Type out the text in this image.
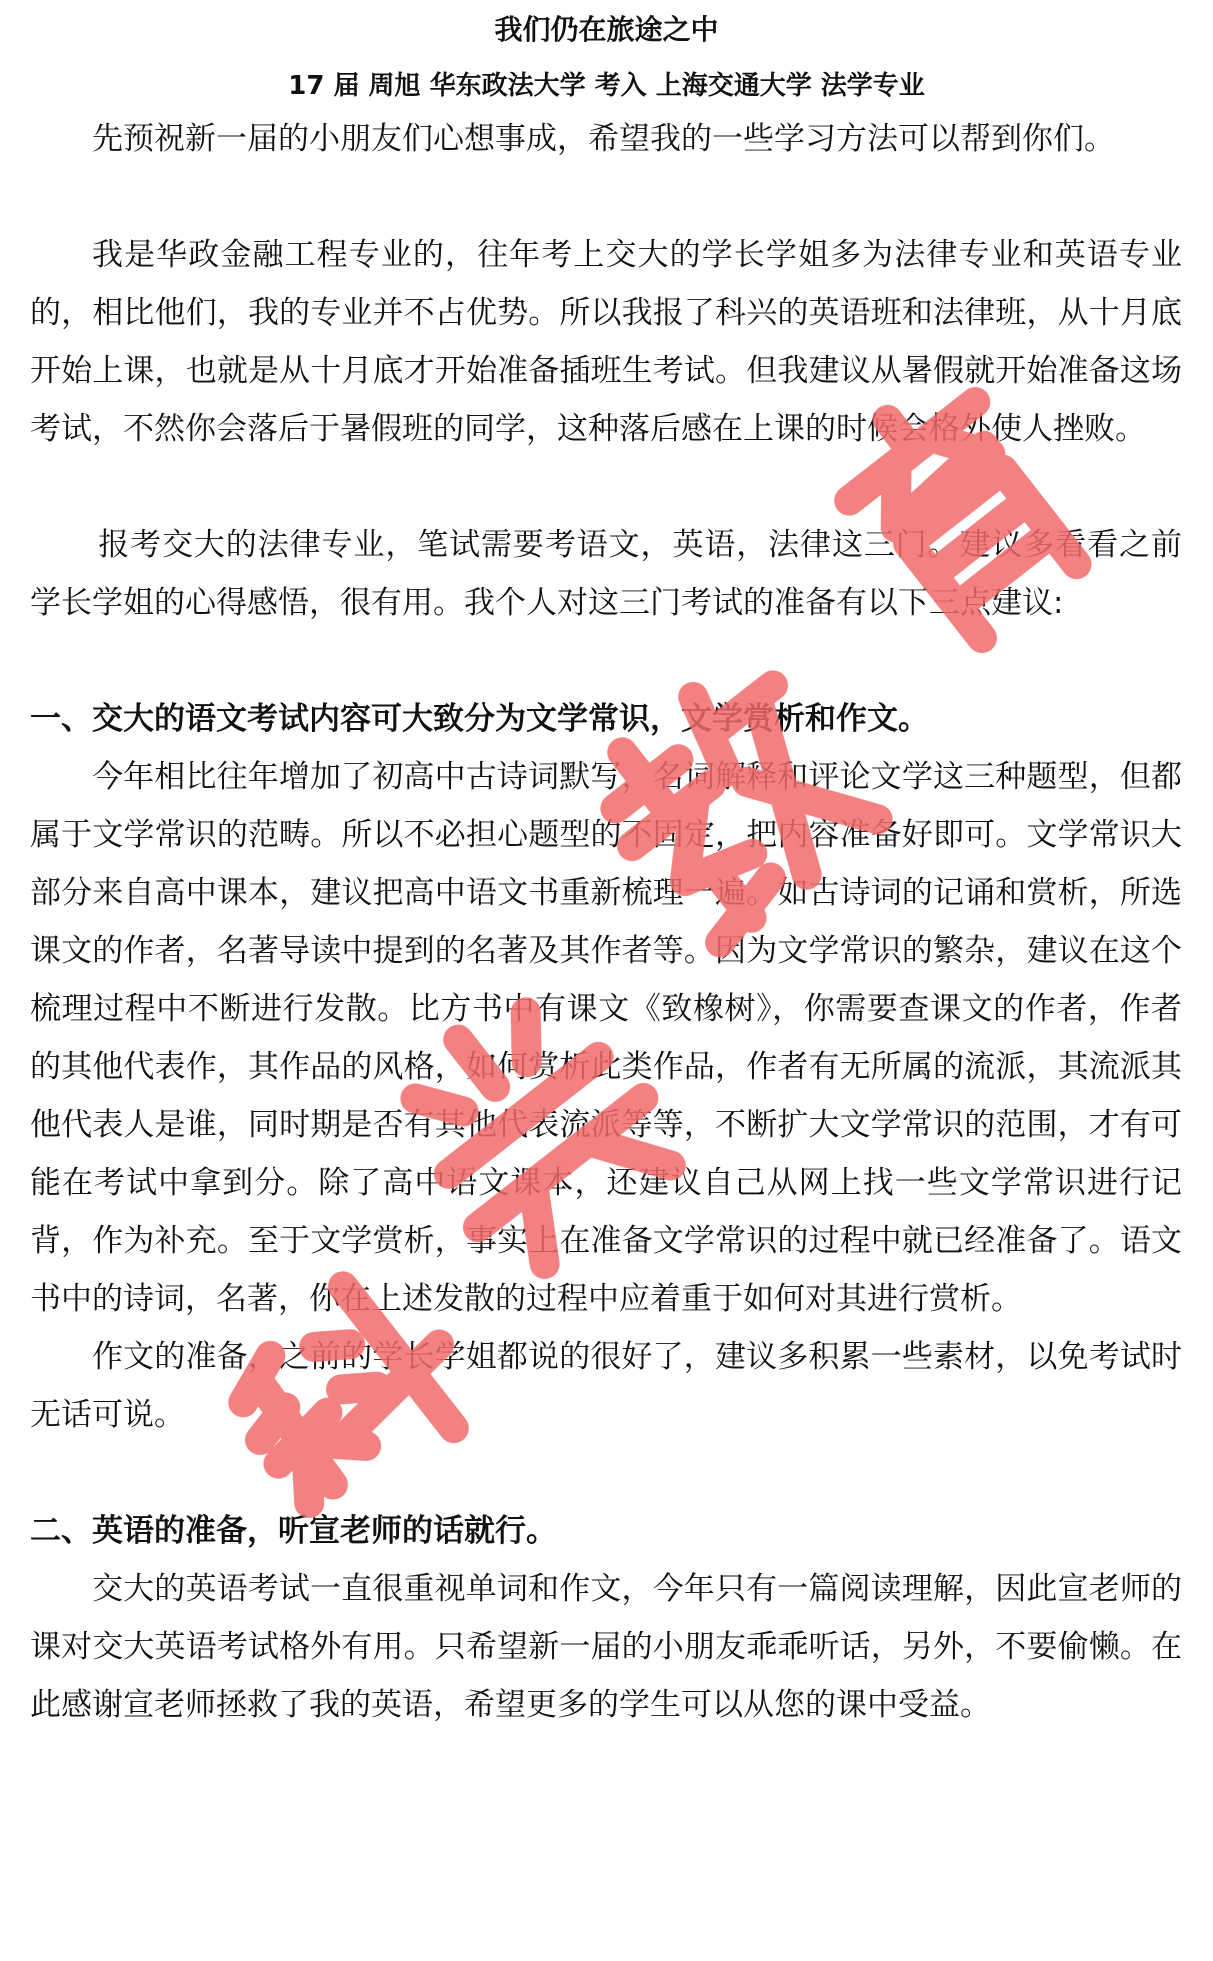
我们仍在旅途之中
17 届 周旭 华东政法大学 考入 上海交通大学 法学专业

先预祝新一届的小朋友们心想事成，希望我的一些学习方法可以帮到你们。

我是华政金融工程专业的，往年考上交大的学长学姐多为法律专业和英语专业的，相比他们，我的专业并不占优势。所以我报了科兴的英语班和法律班，从十月底开始上课，也就是从十月底才开始准备插班生考试。但我建议从暑假就开始准备这场考试，不然你会落后于暑假班的同学，这种落后感在上课的时候会格外使人挫败。

报考交大的法律专业，笔试需要考语文，英语，法律这三门。建议多看看之前学长学姐的心得感悟，很有用。我个人对这三门考试的准备有以下三点建议:

一、交大的语文考试内容可大致分为文学常识，文学赏析和作文。

今年相比往年增加了初高中古诗词默写，名词解释和评论文学这三种题型，但都属于文学常识的范畴。所以不必担心题型的不固定，把内容准备好即可。文学常识大部分来自高中课本，建议把高中语文书重新梳理一遍。如古诗词的记诵和赏析，所选课文的作者，名著导读中提到的名著及其作者等。因为文学常识的繁杂，建议在这个梳理过程中不断进行发散。比方书中有课文《致橡树》，你需要查课文的作者，作者的其他代表作，其作品的风格，如何赏析此类作品，作者有无所属的流派，其流派其他代表人是谁，同时期是否有其他代表流派等等，不断扩大文学常识的范围，才有可能在考试中拿到分。除了高中语文课本，还建议自己从网上找一些文学常识进行记背，作为补充。至于文学赏析，事实上在准备文学常识的过程中就已经准备了。语文书中的诗词，名著，你在上述发散的过程中应着重于如何对其进行赏析。

作文的准备，之前的学长学姐都说的很好了，建议多积累一些素材，以免考试时无话可说。

二、英语的准备，听宣老师的话就行。

交大的英语考试一直很重视单词和作文，今年只有一篇阅读理解，因此宣老师的课对交大英语考试格外有用。只希望新一届的小朋友乖乖听话，另外，不要偷懒。在此感谢宣老师拯救了我的英语，希望更多的学生可以从您的课中受益。
